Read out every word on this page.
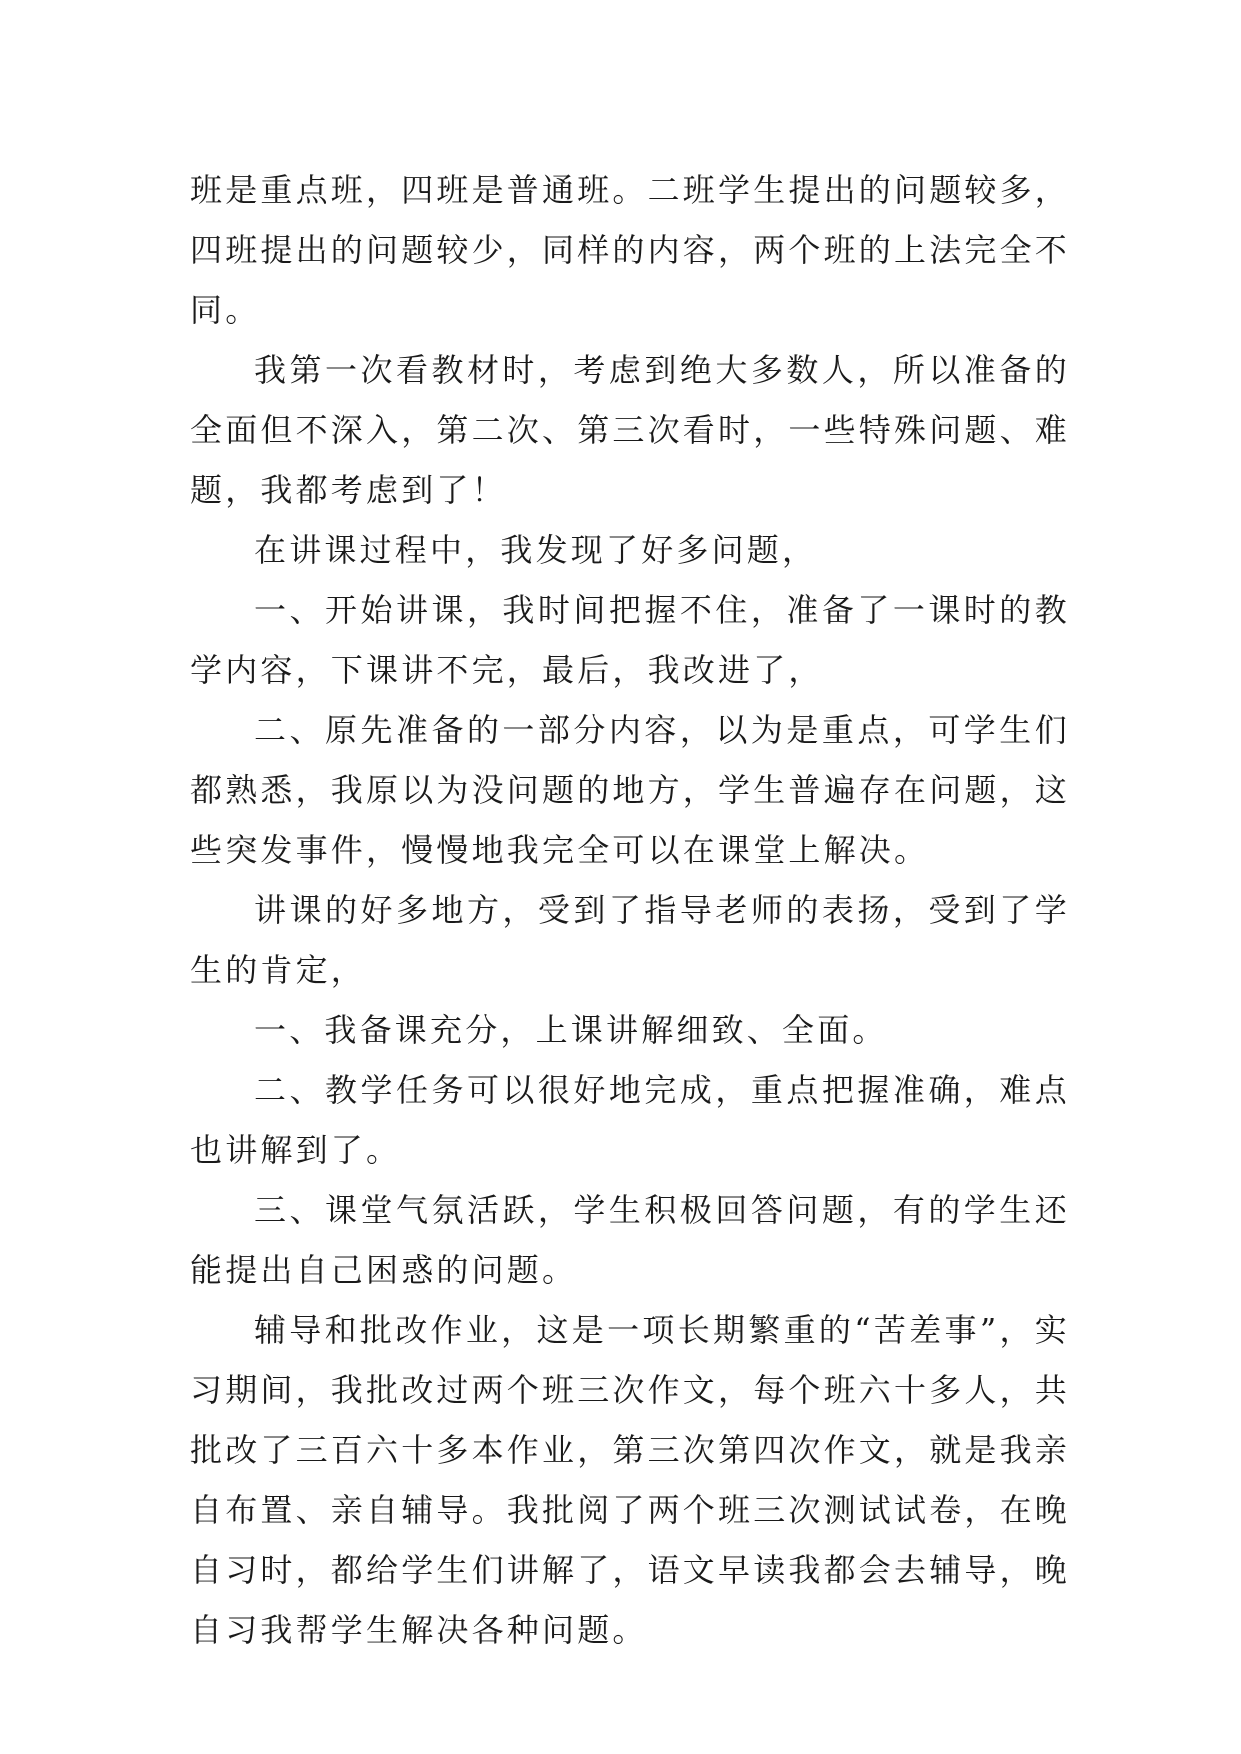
班是重点班，四班是普通班。二班学生提出的问题较多，四班提出的问题较少，同样的内容，两个班的上法完全不同。

我第一次看教材时，考虑到绝大多数人，所以准备的全面但不深入，第二次、第三次看时，一些特殊问题、难题，我都考虑到了！

在讲课过程中，我发现了好多问题，

一、开始讲课，我时间把握不住，准备了一课时的教学内容，下课讲不完，最后，我改进了，

二、原先准备的一部分内容，以为是重点，可学生们都熟悉，我原以为没问题的地方，学生普遍存在问题，这些突发事件，慢慢地我完全可以在课堂上解决。

讲课的好多地方，受到了指导老师的表扬，受到了学生的肯定，

一、我备课充分，上课讲解细致、全面。

二、教学任务可以很好地完成，重点把握准确，难点也讲解到了。

三、课堂气氛活跃，学生积极回答问题，有的学生还能提出自己困惑的问题。

辅导和批改作业，这是一项长期繁重的“苦差事”，实习期间，我批改过两个班三次作文，每个班六十多人，共批改了三百六十多本作业，第三次第四次作文，就是我亲自布置、亲自辅导。我批阅了两个班三次测试试卷，在晚自习时，都给学生们讲解了，语文早读我都会去辅导，晚自习我帮学生解决各种问题。
